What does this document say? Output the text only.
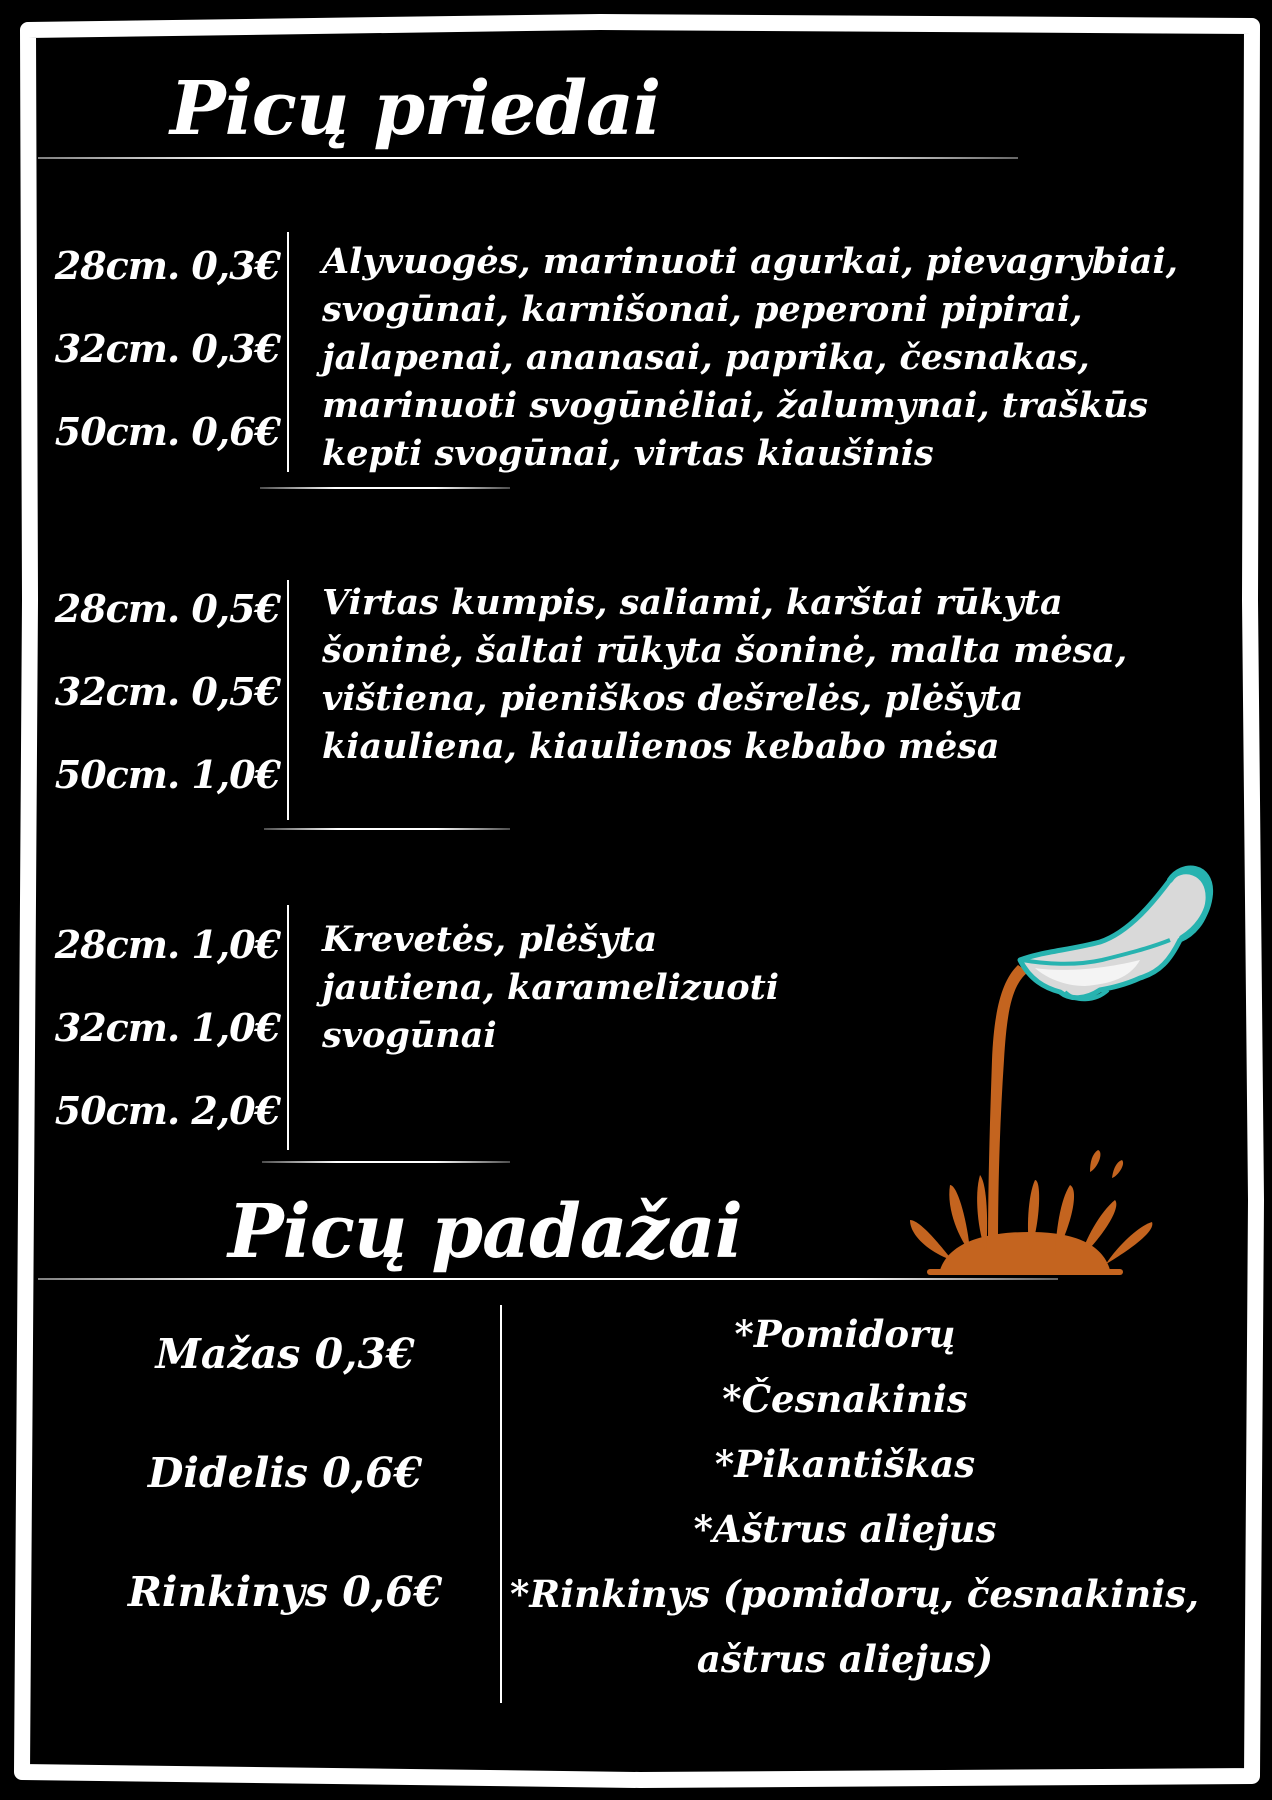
Picų priedai
28cm. 0,3€
32cm. 0,3€
50cm. 0,6€
Alyvuogės, marinuoti agurkai, pievagrybiai, svogūnai, karnišonai, peperoni pipirai, jalapenai, ananasai, paprika, česnakas, marinuoti svogūnėliai, žalumynai, traškūs kepti svogūnai, virtas kiaušinis
28cm. 0,5€
32cm. 0,5€
50cm. 1,0€
Virtas kumpis, saliami, karštai rūkyta šoninė, šaltai rūkyta šoninė, malta mėsa, vištiena, pieniškos dešrelės, plėšyta kiauliena, kiaulienos kebabo mėsa
28cm. 1,0€
32cm. 1,0€
50cm. 2,0€
Krevetės, plėšyta jautiena, karamelizuoti svogūnai
Picų padažai
Mažas 0,3€
Didelis 0,6€
Rinkinys 0,6€
*Pomidorų
*Česnakinis
*Pikantiškas
*Aštrus aliejus
*Rinkinys (pomidorų, česnakinis,
aštrus aliejus)
